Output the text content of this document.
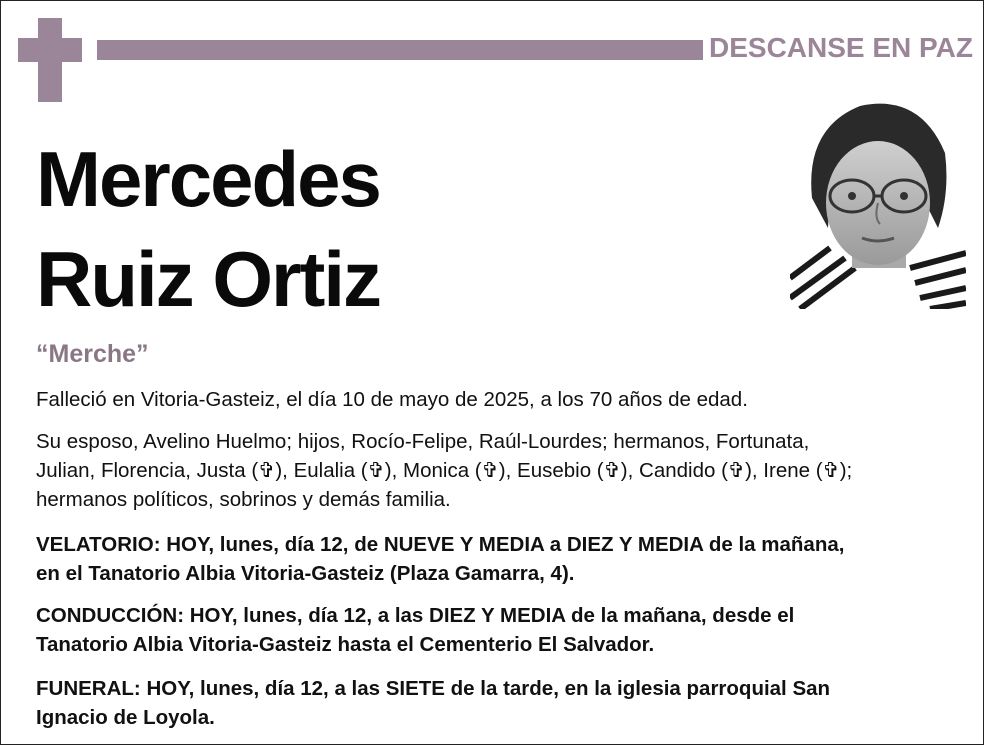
DESCANSE EN PAZ
Mercedes
Ruiz Ortiz
“Merche”
Falleció en Vitoria-Gasteiz, el día 10 de mayo de 2025, a los 70 años de edad.
Su esposo, Avelino Huelmo; hijos, Rocío-Felipe, Raúl-Lourdes; hermanos, Fortunata,
Julian, Florencia, Justa (✞), Eulalia (✞), Monica (✞), Eusebio (✞), Candido (✞), Irene (✞);
hermanos políticos, sobrinos y demás familia.
VELATORIO: HOY, lunes, día 12, de NUEVE Y MEDIA a DIEZ Y MEDIA de la mañana,
en el Tanatorio Albia Vitoria-Gasteiz (Plaza Gamarra, 4).
CONDUCCIÓN: HOY, lunes, día 12, a las DIEZ Y MEDIA de la mañana, desde el
Tanatorio Albia Vitoria-Gasteiz hasta el Cementerio El Salvador.
FUNERAL: HOY, lunes, día 12, a las SIETE de la tarde, en la iglesia parroquial San
Ignacio de Loyola.
